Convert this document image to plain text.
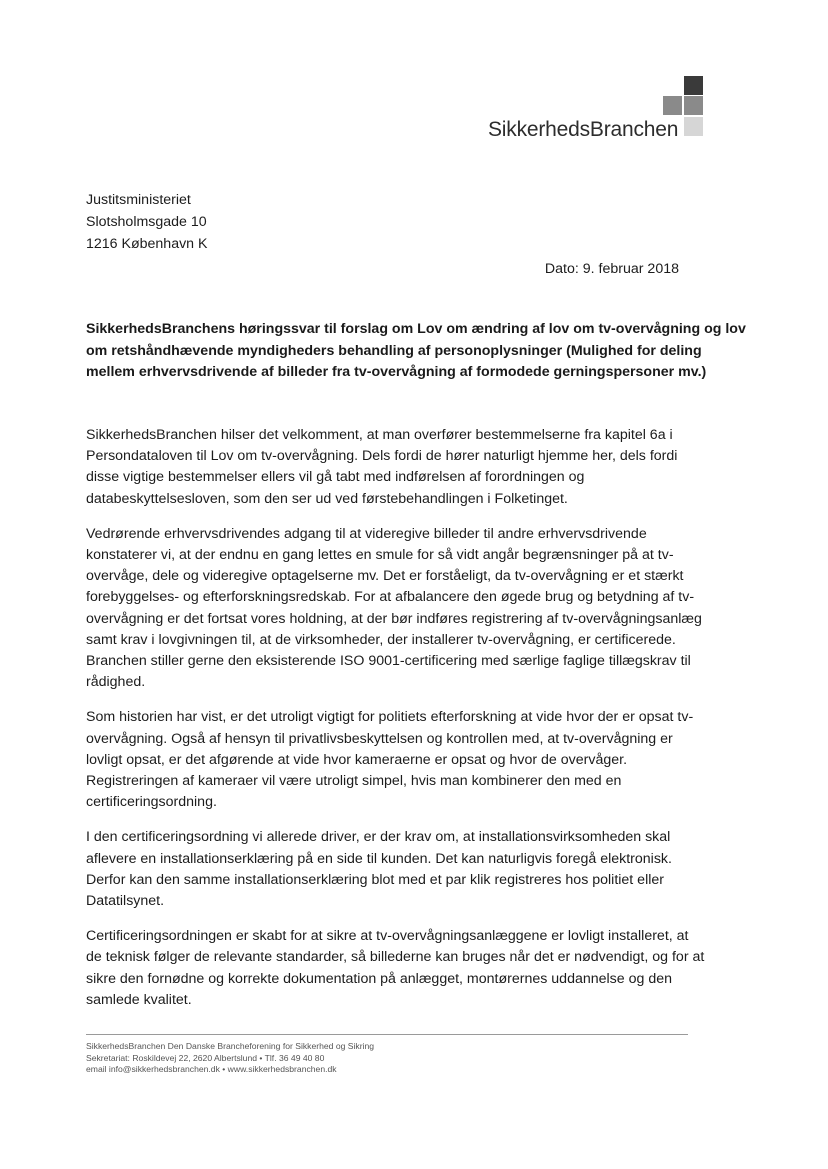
SikkerhedsBranchen
Justitsministeriet
Slotsholmsgade 10
1216 København K
Dato: 9. februar 2018
SikkerhedsBranchens høringssvar til forslag om Lov om ændring af lov om tv-overvågning og lov
om retshåndhævende myndigheders behandling af personoplysninger (Mulighed for deling
mellem erhvervsdrivende af billeder fra tv-overvågning af formodede gerningspersoner mv.)
SikkerhedsBranchen hilser det velkomment, at man overfører bestemmelserne fra kapitel 6a i
Persondataloven til Lov om tv-overvågning. Dels fordi de hører naturligt hjemme her, dels fordi
disse vigtige bestemmelser ellers vil gå tabt med indførelsen af forordningen og
databeskyttelsesloven, som den ser ud ved førstebehandlingen i Folketinget.
Vedrørende erhvervsdrivendes adgang til at videregive billeder til andre erhvervsdrivende
konstaterer vi, at der endnu en gang lettes en smule for så vidt angår begrænsninger på at tv-
overvåge, dele og videregive optagelserne mv. Det er forståeligt, da tv-overvågning er et stærkt
forebyggelses- og efterforskningsredskab. For at afbalancere den øgede brug og betydning af tv-
overvågning er det fortsat vores holdning, at der bør indføres registrering af tv-overvågningsanlæg
samt krav i lovgivningen til, at de virksomheder, der installerer tv-overvågning, er certificerede.
Branchen stiller gerne den eksisterende ISO 9001-certificering med særlige faglige tillægskrav til
rådighed.
Som historien har vist, er det utroligt vigtigt for politiets efterforskning at vide hvor der er opsat tv-
overvågning. Også af hensyn til privatlivsbeskyttelsen og kontrollen med, at tv-overvågning er
lovligt opsat, er det afgørende at vide hvor kameraerne er opsat og hvor de overvåger.
Registreringen af kameraer vil være utroligt simpel, hvis man kombinerer den med en
certificeringsordning.
I den certificeringsordning vi allerede driver, er der krav om, at installationsvirksomheden skal
aflevere en installationserklæring på en side til kunden. Det kan naturligvis foregå elektronisk.
Derfor kan den samme installationserklæring blot med et par klik registreres hos politiet eller
Datatilsynet.
Certificeringsordningen er skabt for at sikre at tv-overvågningsanlæggene er lovligt installeret, at
de teknisk følger de relevante standarder, så billederne kan bruges når det er nødvendigt, og for at
sikre den fornødne og korrekte dokumentation på anlægget, montørernes uddannelse og den
samlede kvalitet.
SikkerhedsBranchen Den Danske Brancheforening for Sikkerhed og Sikring
Sekretariat: Roskildevej 22, 2620 Albertslund • Tlf. 36 49 40 80
email info@sikkerhedsbranchen.dk • www.sikkerhedsbranchen.dk
